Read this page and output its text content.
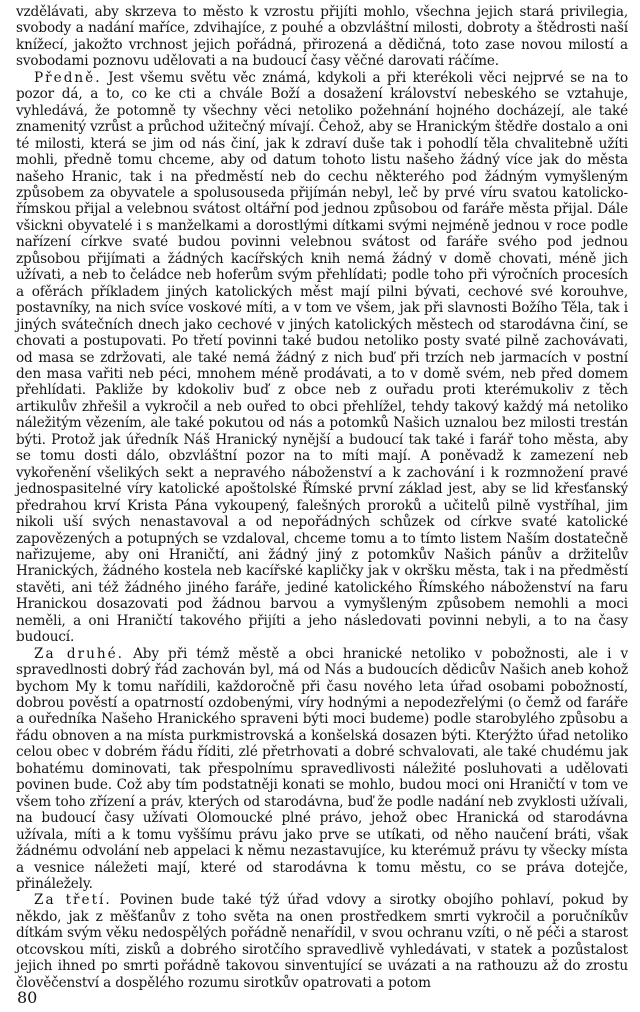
vzdělávati, aby skrzeva to město k vzrostu přijíti mohlo, všechna jejich stará privilegia, svobody a nadání maříce, zdvihajíce, z pouhé a obzvláštní milosti, dobroty a štědrosti naší knížecí, jakožto vrchnost jejich pořádná, přirozená a dědičná, toto zase novou milostí a svobodami poznovu udělovati a na budoucí časy věčné darovati ráčíme.

Předně. Jest všemu světu věc známá, kdykoli a při kterékoli věci nejprvé se na to pozor dá, a to, co ke cti a chvále Boží a dosažení království nebeského se vztahuje, vyhledává, že potomně ty všechny věci netoliko požehnání hojného docházejí, ale také znamenitý vzrůst a průchod užitečný mívají. Čehož, aby se Hranickým štědře dostalo a oni té milosti, která se jim od nás činí, jak k zdraví duše tak i pohodlí těla chvalitebně užíti mohli, předně tomu chceme, aby od datum tohoto listu našeho žádný více jak do města našeho Hranic, tak i na předměstí neb do cechu některého pod žádným vymyšleným způsobem za obyvatele a spolusouseda přijímán nebyl, leč by prvé víru svatou katolicko-římskou přijal a velebnou svátost oltářní pod jednou způsobou od faráře města přijal. Dále všickni obyvatelé i s manželkami a dorostlými dítkami svými nejméně jednou v roce podle nařízení církve svaté budou povinni velebnou svátost od faráře svého pod jednou způsobou přijímati a žádných kacířských knih nemá žádný v domě chovati, méně jich užívati, a neb to čeládce neb hoferům svým přehlídati; podle toho při výročních procesích a ofěrách příkladem jiných katolických měst mají pilni bývati, cechové své korouhve, postavníky, na nich svíce voskové míti, a v tom ve všem, jak při slavnosti Božího Těla, tak i jiných svátečních dnech jako cechové v jiných katolických městech od starodávna činí, se chovati a postupovati. Po třetí povinni také budou netoliko posty svaté pilně zachovávati, od masa se zdržovati, ale také nemá žádný z nich buď při trzích neb jarmacích v postní den masa vařiti neb péci, mnohem méně prodávati, a to v domě svém, neb před domem přehlídati. Pakliže by kdokoliv buď z obce neb z ouřadu proti kterémukoliv z těch artikulův zhřešil a vykročil a neb ouřed to obci přehlížel, tehdy takový každý má netoliko náležitým vězením, ale také pokutou od nás a potomků Našich uznalou bez milosti trestán býti. Protož jak úředník Náš Hranický nynější a budoucí tak také i farář toho města, aby se tomu dosti dálo, obzvláštní pozor na to míti mají. A poněvadž k zamezení neb vykořenění všelikých sekt a nepravého náboženství a k zachování i k rozmnožení pravé jednospasitelné víry katolické apoštolské Římské první základ jest, aby se lid křesťanský předrahou krví Krista Pána vykoupený, falešných proroků a učitelů pilně vystříhal, jim nikoli uší svých nenastavoval a od nepořádných schůzek od církve svaté katolické zapovězených a potupných se vzdaloval, chceme tomu a to tímto listem Naším dostatečně nařizujeme, aby oni Hraničtí, ani žádný jiný z potomkův Našich pánův a držitelův Hranických, žádného kostela neb kacířské kapličky jak v okršku města, tak i na předměstí stavěti, ani též žádného jiného faráře, jediné katolického Římského náboženství na faru Hranickou dosazovati pod žádnou barvou a vymyšleným způsobem nemohli a moci neměli, a oni Hraničtí takového přijíti a jeho následovati povinni nebyli, a to na časy budoucí.

Za druhé. Aby při témž městě a obci hranické netoliko v pobožnosti, ale i v spravedlnosti dobrý řád zachován byl, má od Nás a budoucích dědicův Našich aneb kohož bychom My k tomu nařídili, každoročně při času nového leta úřad osobami pobožností, dobrou pověstí a opatrností ozdobenými, víry hodnými a nepodezřelými (o čemž od faráře a ouředníka Našeho Hranického spraveni býti moci budeme) podle starobylého způsobu a řádu obnoven a na místa purkmistrovská a konšelská dosazen býti. Kterýžto úřad netoliko celou obec v dobrém řádu říditi, zlé přetrhovati a dobré schvalovati, ale také chudému jak bohatému dominovati, tak přespolnímu spravedlivosti náležité posluhovati a udělovati povinen bude. Což aby tím podstatněji konati se mohlo, budou moci oni Hraničtí v tom ve všem toho zřízení a práv, kterých od starodávna, buď že podle nadání neb zvyklosti užívali, na budoucí časy užívati Olomoucké plné právo, jehož obec Hranická od starodávna užívala, míti a k tomu vyššímu právu jako prve se utíkati, od něho naučení bráti, však žádnému odvolání neb appelaci k němu nezastavujíce, ku kterémuž právu ty všecky místa a vesnice náležeti mají, které od starodávna k tomu městu, co se práva dotejče, přináležely.

Za třetí. Povinen bude také týž úřad vdovy a sirotky obojího pohlaví, pokud by někdo, jak z měšťanův z toho světa na onen prostředkem smrti vykročil a poručníkův dítkám svým věku nedospělých pořádně nenařídil, v svou ochranu vzíti, o ně péči a starost otcovskou míti, zisků a dobrého sirotčího spravedlivě vyhledávati, v statek a pozůstalost jejich ihned po smrti pořádně takovou sinventující se uvázati a na rathouzu až do zrostu člověčenství a dospělého rozumu sirotkův opatrovati a potom

80
